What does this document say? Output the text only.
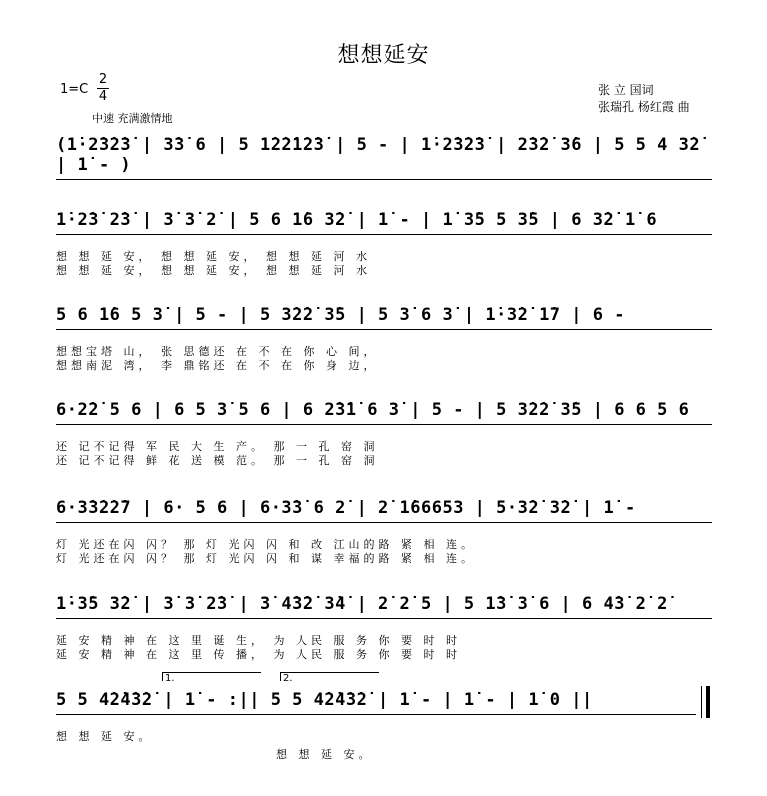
想想延安
1=C
2
4
中速 充满激情地
张 立 国词
张瑞孔 杨红霞 曲
(1̇·2̇3̇2̇3̇ | 3̇3̇ 6 | 5 1̇2̇2̇1̇2̇3̇ | 5 - | 1̇·2̇3̇2̇3̇ | 2̇3̇2̇ 3̇6 | 5 5 4 3̇2̇ | 1̇ - )
1̇·2̇3̇ 2̇3̇ | 3̇ 3̇ 2̇ | 5 6 1̇6 3̇2̇ | 1̇ - | 1̇ 3̇5 5 3̇5 | 6 3̇2̇ 1̇ 6
想 想 延 安， 想 想 延 安， 想 想 延 河 水
想 想 延 安， 想 想 延 安， 想 想 延 河 水
5 6 1̇6 5 3̇ | 5 - | 5 3̇2̇2̇ 3̇5 | 5 3̇ 6 3̇ | 1̇·3̇2̇ 1̇7 | 6 -
想想宝塔 山， 张 思德还 在 不 在 你 心 间，
想想南泥 湾， 李 鼎铭还 在 不 在 你 身 边，
6·2̇2̇ 5 6 | 6 5 3̇ 5 6 | 6 2̇3̇1̇ 6 3̇ | 5 - | 5 3̇2̇2̇ 3̇5 | 6 6 5 6
还 记不记得 军 民 大 生 产。 那 一 孔 窑 洞
还 记不记得 鲜 花 送 模 范。 那 一 孔 窑 洞
6·3̇3̇2̇2̇7 | 6· 5 6 | 6·3̇3̇ 6 2̇ | 2̇ 1̇66653 | 5·3̇2̇ 3̇2̇ | 1̇ -
灯 光还在闪 闪？ 那 灯 光闪 闪 和 改 江山的路 紧 相 连。
灯 光还在闪 闪？ 那 灯 光闪 闪 和 谋 幸福的路 紧 相 连。
1̇·3̇5 3̇2̇ | 3̇ 3̇ 2̇3̇ | 3̇ 4̇3̇2̇ 3̇4̇ | 2̇ 2̇ 5 | 5 1̇3̇ 3̇ 6 | 6 4̇3̇ 2̇ 2̇
延 安 精 神 在 这 里 诞 生， 为 人民 服 务 你 要 时 时
延 安 精 神 在 这 里 传 播， 为 人民 服 务 你 要 时 时
1.	2.
5 5 4̇2̇4̇3̇2̇ | 1̇ - :|| 5 5 4̇2̇4̇3̇2̇ | 1̇ - | 1̇ - | 1̇ 0 ||
想 想 延 安。
想 想 延 安。
